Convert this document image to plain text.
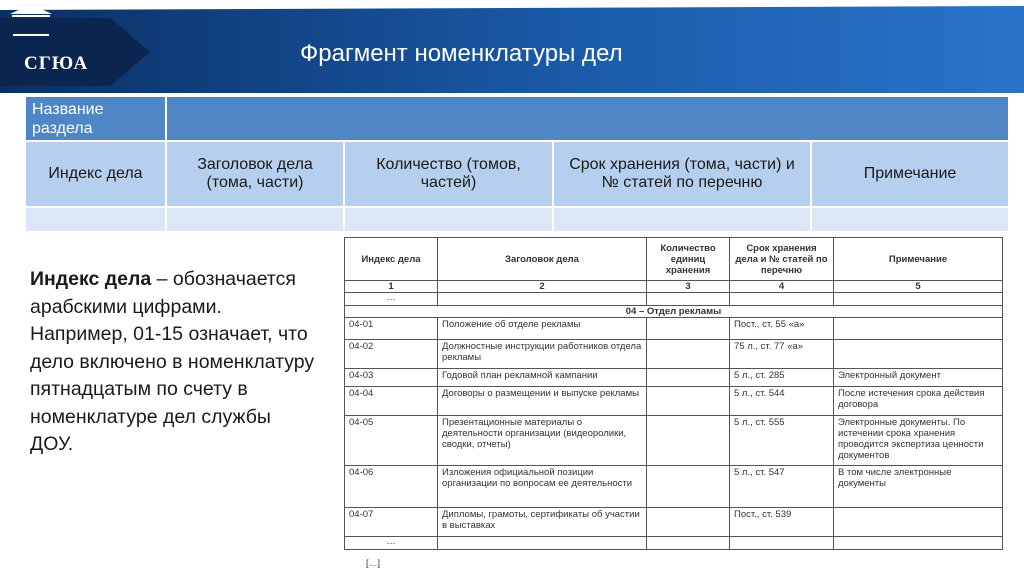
СГЮА	Фрагмент номенклатуры дел
Название раздела				
Индекс дела	Заголовок дела (тома, части)	Количество (томов, частей)	Срок хранения (тома, части) и № статей по перечню	Примечание

Индекс дела – обозначается арабскими цифрами. Например, 01-15 означает, что дело включено в номенклатуру пятнадцатым по счету в номенклатуре дел службы ДОУ.
Индекс дела	Заголовок дела	Количество единиц хранения	Срок хранения дела и № статей по перечню	Примечание
1	2	3	4	5
…				
04 – Отдел рекламы				
04-01	Положение об отделе рекламы		Пост., ст. 55 «а»	
04-02	Должностные инструкции работников отдела рекламы		75 л., ст. 77 «а»	
04-03	Годовой план рекламной кампании		5 л., ст. 285	Электронный документ
04-04	Договоры о размещении и выпуске рекламы		5 л., ст. 544	После истечения срока действия договора
04-05	Презентационные материалы о деятельности организации (видеоролики, сводки, отчеты)		5 л., ст. 555	Электронные документы. По истечении срока хранения проводится экспертиза ценности документов
04-06	Изложения официальной позиции организации по вопросам ее деятельности		5 л., ст. 547	В том числе электронные документы
04-07	Дипломы, грамоты, сертификаты об участии в выставках		Пост., ст. 539	
…				
[…]
